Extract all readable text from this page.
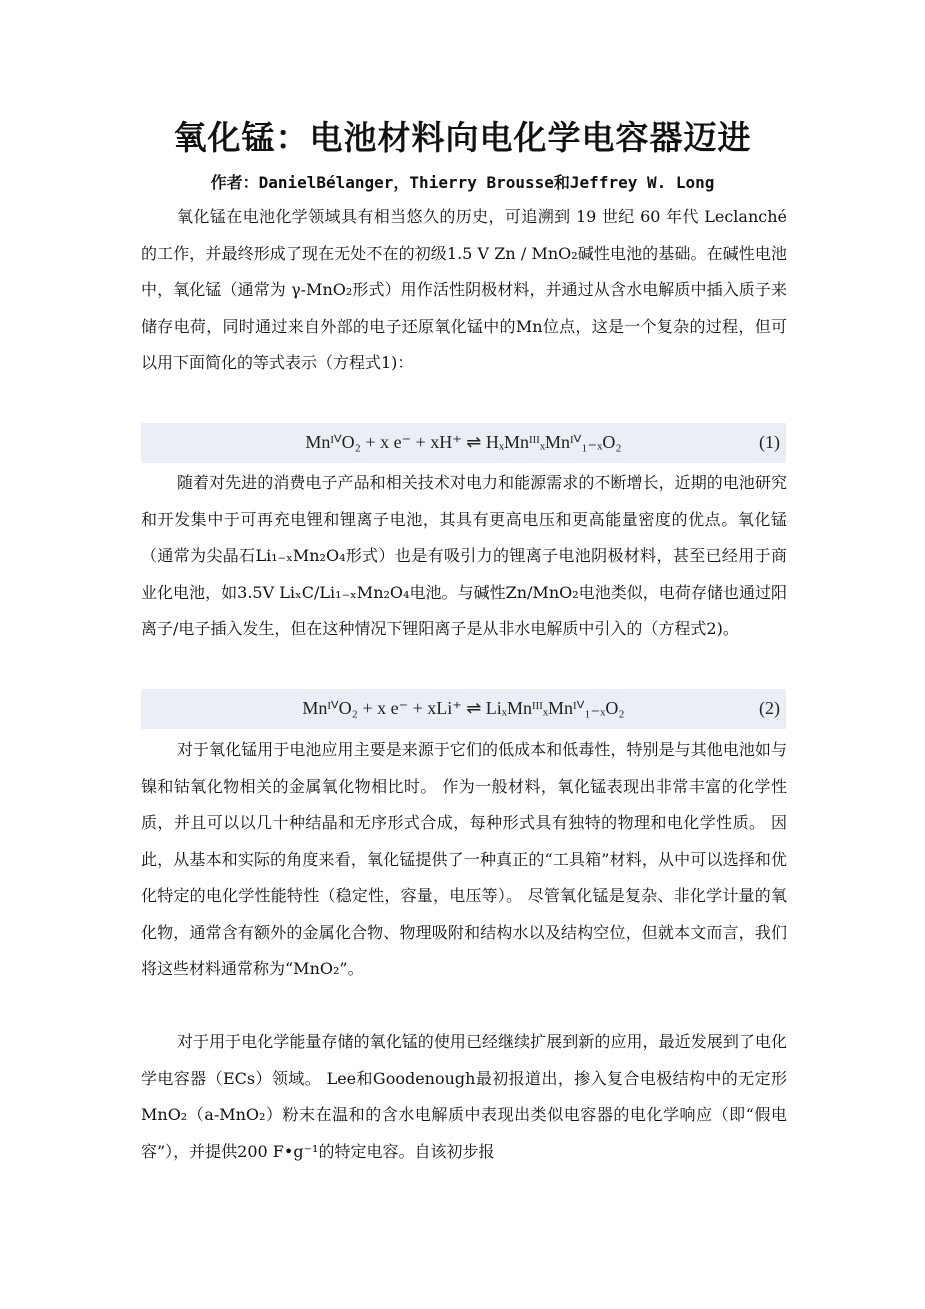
氧化锰：电池材料向电化学电容器迈进
作者：DanielBélanger，Thierry Brousse和Jeffrey W. Long

氧化锰在电池化学领域具有相当悠久的历史，可追溯到 19 世纪 60 年代 Leclanché的工作，并最终形成了现在无处不在的初级1.5 V Zn / MnO₂碱性电池的基础。在碱性电池中，氧化锰（通常为 γ-MnO₂形式）用作活性阴极材料，并通过从含水电解质中插入质子来储存电荷，同时通过来自外部的电子还原氧化锰中的Mn位点，这是一个复杂的过程，但可以用下面简化的等式表示（方程式1)：

MnᴵⱽO₂ + x e⁻ + xH⁺ ⇌ HₓMnᴵᴵᴵₓMnᴵⱽ₁₋ₓO₂	(1)

随着对先进的消费电子产品和相关技术对电力和能源需求的不断增长，近期的电池研究和开发集中于可再充电锂和锂离子电池，其具有更高电压和更高能量密度的优点。氧化锰（通常为尖晶石Li₁₋ₓMn₂O₄形式）也是有吸引力的锂离子电池阴极材料，甚至已经用于商业化电池，如3.5V LiₓC/Li₁₋ₓMn₂O₄电池。与碱性Zn/MnO₂电池类似，电荷存储也通过阳离子/电子插入发生，但在这种情况下锂阳离子是从非水电解质中引入的（方程式2)。

MnᴵⱽO₂ + x e⁻ + xLi⁺ ⇌ LiₓMnᴵᴵᴵₓMnᴵⱽ₁₋ₓO₂	(2)

对于氧化锰用于电池应用主要是来源于它们的低成本和低毒性，特别是与其他电池如与镍和钴氧化物相关的金属氧化物相比时。 作为一般材料，氧化锰表现出非常丰富的化学性质，并且可以以几十种结晶和无序形式合成，每种形式具有独特的物理和电化学性质。 因此，从基本和实际的角度来看，氧化锰提供了一种真正的“工具箱”材料，从中可以选择和优化特定的电化学性能特性（稳定性，容量，电压等）。 尽管氧化锰是复杂、非化学计量的氧化物，通常含有额外的金属化合物、物理吸附和结构水以及结构空位，但就本文而言，我们将这些材料通常称为“MnO₂”。

对于用于电化学能量存储的氧化锰的使用已经继续扩展到新的应用，最近发展到了电化学电容器（ECs）领域。 Lee和Goodenough最初报道出，掺入复合电极结构中的无定形MnO₂（a-MnO₂）粉末在温和的含水电解质中表现出类似电容器的电化学响应（即“假电容”），并提供200 F•g⁻¹的特定电容。自该初步报
